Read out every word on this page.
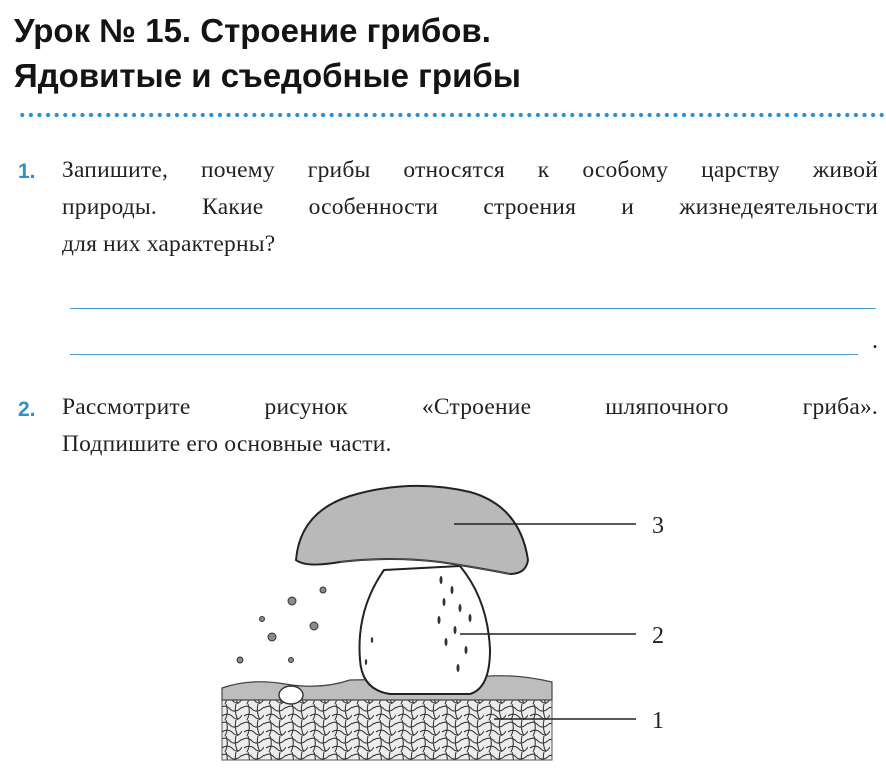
Урок № 15. Строение грибов.
Ядовитые и съедобные грибы
1. Запишите, почему грибы относятся к особому царству живой
природы. Какие особенности строения и жизнедеятельности
для них характерны?
.
2. Рассмотрите рисунок «Строение шляпочного гриба».
Подпишите его основные части.
3
2
1
